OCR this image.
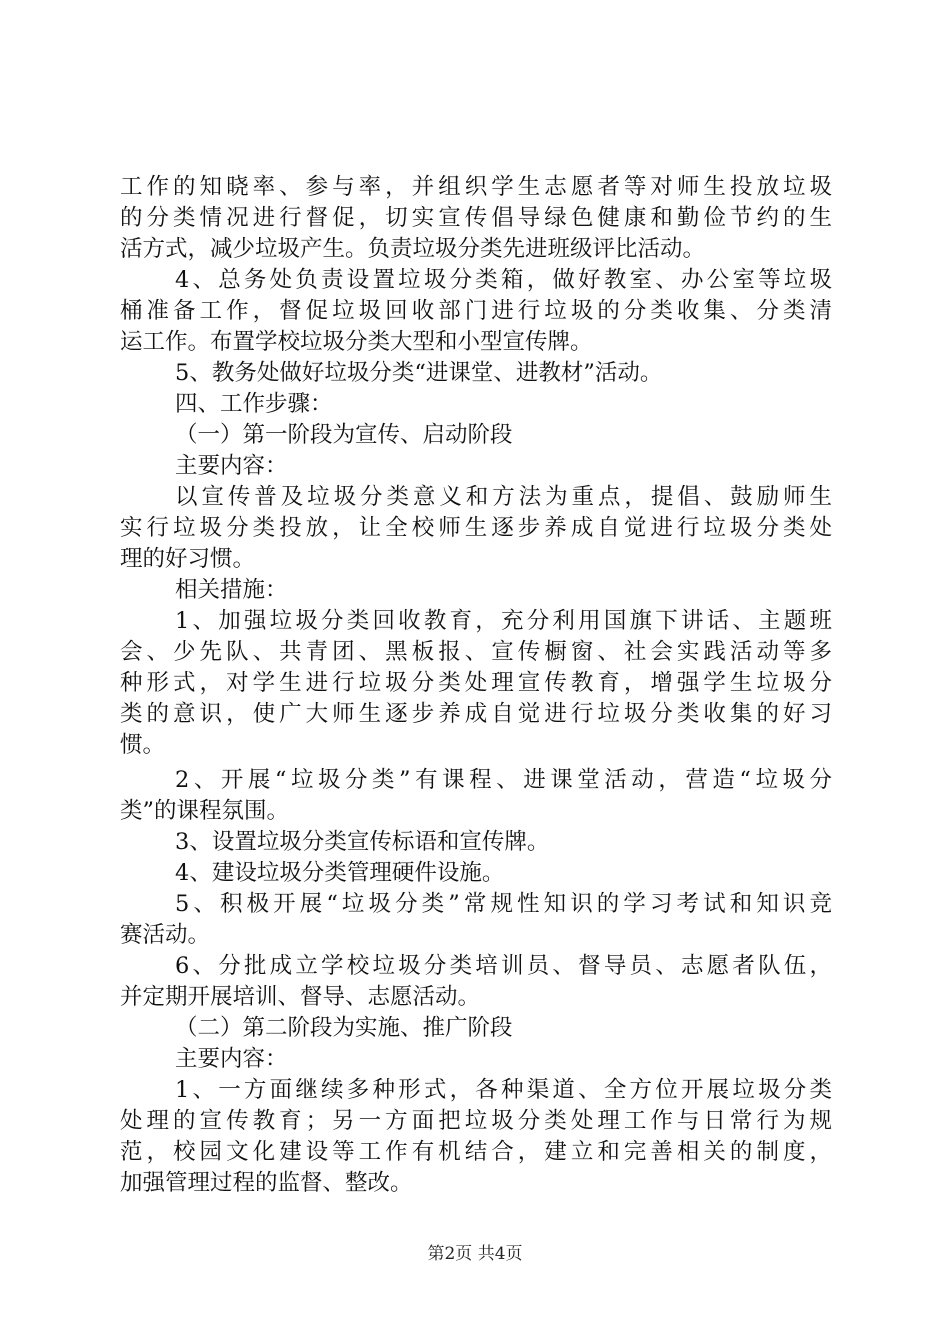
工作的知晓率、参与率，并组织学生志愿者等对师生投放垃圾
的分类情况进行督促，切实宣传倡导绿色健康和勤俭节约的生
活方式，减少垃圾产生。负责垃圾分类先进班级评比活动。
4、总务处负责设置垃圾分类箱，做好教室、办公室等垃圾
桶准备工作，督促垃圾回收部门进行垃圾的分类收集、分类清
运工作。布置学校垃圾分类大型和小型宣传牌。
5、教务处做好垃圾分类“进课堂、进教材”活动。
四、工作步骤：
（一）第一阶段为宣传、启动阶段
主要内容：
以宣传普及垃圾分类意义和方法为重点，提倡、鼓励师生
实行垃圾分类投放，让全校师生逐步养成自觉进行垃圾分类处
理的好习惯。
相关措施：
1、加强垃圾分类回收教育，充分利用国旗下讲话、主题班
会、少先队、共青团、黑板报、宣传橱窗、社会实践活动等多
种形式，对学生进行垃圾分类处理宣传教育，增强学生垃圾分
类的意识，使广大师生逐步养成自觉进行垃圾分类收集的好习
惯。
2、开展“垃圾分类”有课程、进课堂活动，营造“垃圾分
类”的课程氛围。
3、设置垃圾分类宣传标语和宣传牌。
4、建设垃圾分类管理硬件设施。
5、积极开展“垃圾分类”常规性知识的学习考试和知识竞
赛活动。
6、分批成立学校垃圾分类培训员、督导员、志愿者队伍，
并定期开展培训、督导、志愿活动。
（二）第二阶段为实施、推广阶段
主要内容：
1、一方面继续多种形式，各种渠道、全方位开展垃圾分类
处理的宣传教育；另一方面把垃圾分类处理工作与日常行为规
范，校园文化建设等工作有机结合，建立和完善相关的制度，
加强管理过程的监督、整改。
第2页 共4页
